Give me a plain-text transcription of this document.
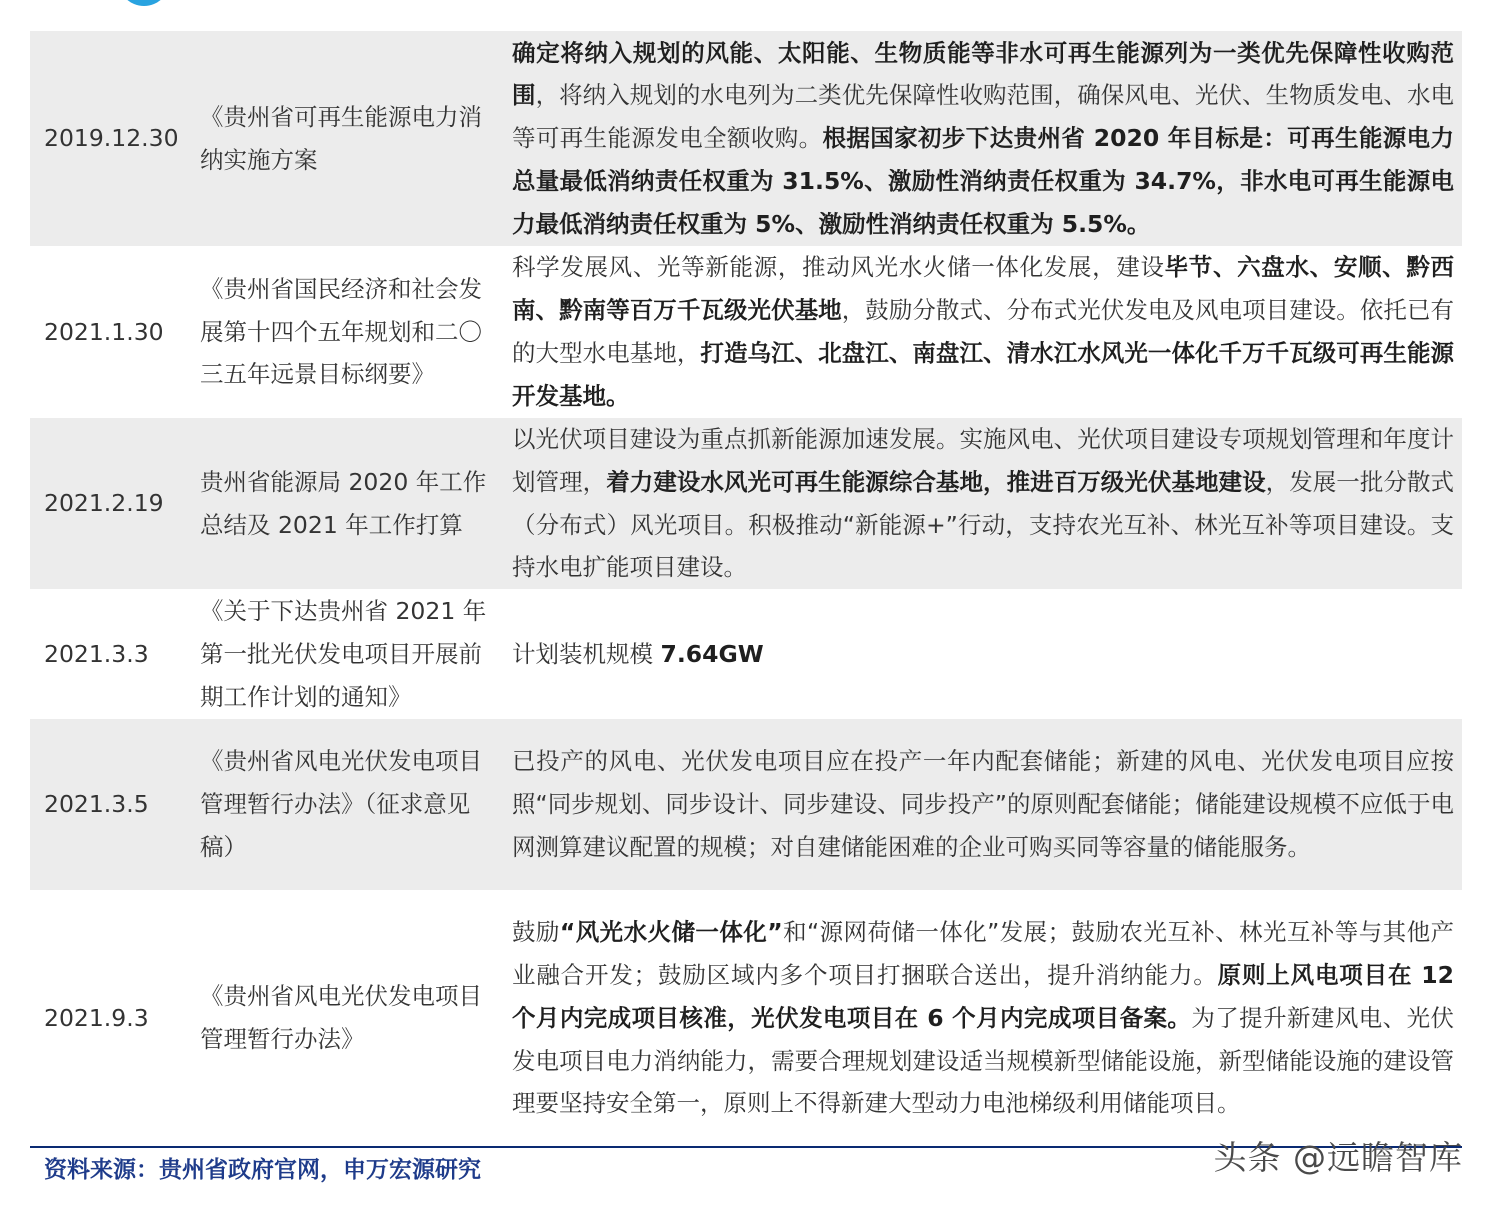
2019.12.30	《贵州省可再生能源电力消纳实施方案	确定将纳入规划的风能、太阳能、生物质能等非水可再生能源列为一类优先保障性收购范围，将纳入规划的水电列为二类优先保障性收购范围，确保风电、光伏、生物质发电、水电等可再生能源发电全额收购。根据国家初步下达贵州省 2020 年目标是：可再生能源电力总量最低消纳责任权重为 31.5%、激励性消纳责任权重为 34.7%，非水电可再生能源电力最低消纳责任权重为 5%、激励性消纳责任权重为 5.5%。
2021.1.30	《贵州省国民经济和社会发展第十四个五年规划和二〇三五年远景目标纲要》	科学发展风、光等新能源，推动风光水火储一体化发展，建设毕节、六盘水、安顺、黔西南、黔南等百万千瓦级光伏基地，鼓励分散式、分布式光伏发电及风电项目建设。依托已有的大型水电基地，打造乌江、北盘江、南盘江、清水江水风光一体化千万千瓦级可再生能源开发基地。
2021.2.19	贵州省能源局 2020 年工作总结及 2021 年工作打算	以光伏项目建设为重点抓新能源加速发展。实施风电、光伏项目建设专项规划管理和年度计划管理，着力建设水风光可再生能源综合基地，推进百万级光伏基地建设，发展一批分散式（分布式）风光项目。积极推动“新能源+”行动，支持农光互补、林光互补等项目建设。支持水电扩能项目建设。
2021.3.3	《关于下达贵州省 2021 年第一批光伏发电项目开展前期工作计划的通知》	计划装机规模 7.64GW
2021.3.5	《贵州省风电光伏发电项目管理暂行办法》（征求意见稿）	已投产的风电、光伏发电项目应在投产一年内配套储能；新建的风电、光伏发电项目应按照“同步规划、同步设计、同步建设、同步投产”的原则配套储能；储能建设规模不应低于电网测算建议配置的规模；对自建储能困难的企业可购买同等容量的储能服务。
2021.9.3	《贵州省风电光伏发电项目管理暂行办法》	鼓励“风光水火储一体化”和“源网荷储一体化”发展；鼓励农光互补、林光互补等与其他产业融合开发；鼓励区域内多个项目打捆联合送出，提升消纳能力。原则上风电项目在 12 个月内完成项目核准，光伏发电项目在 6 个月内完成项目备案。为了提升新建风电、光伏发电项目电力消纳能力，需要合理规划建设适当规模新型储能设施，新型储能设施的建设管理要坚持安全第一，原则上不得新建大型动力电池梯级利用储能项目。
资料来源：贵州省政府官网，申万宏源研究	头条 @远瞻智库
